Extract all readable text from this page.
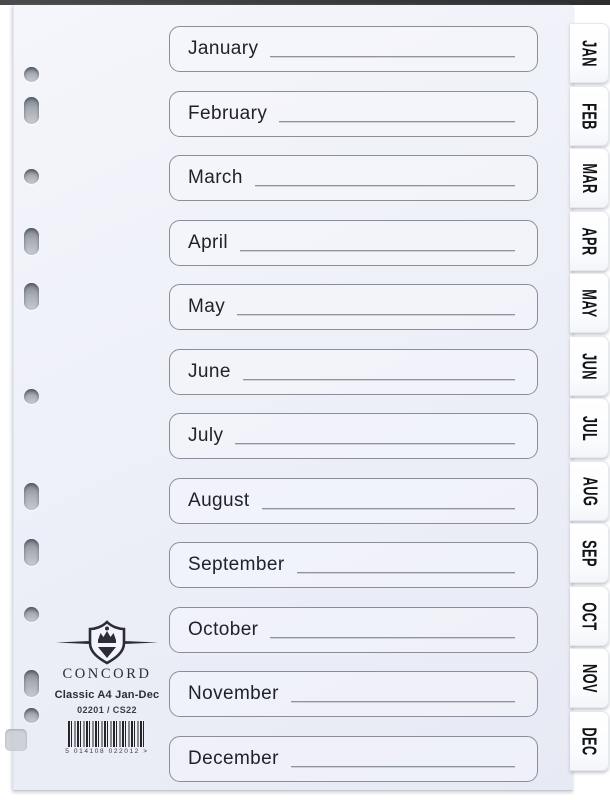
January
February
March
April
May
June
July
August
September
October
November
December
JAN
FEB
MAR
APR
MAY
JUN
JUL
AUG
SEP
OCT
NOV
DEC
CONCORD
Classic A4 Jan-Dec
02201 / CS22
5 014108 022012 >
